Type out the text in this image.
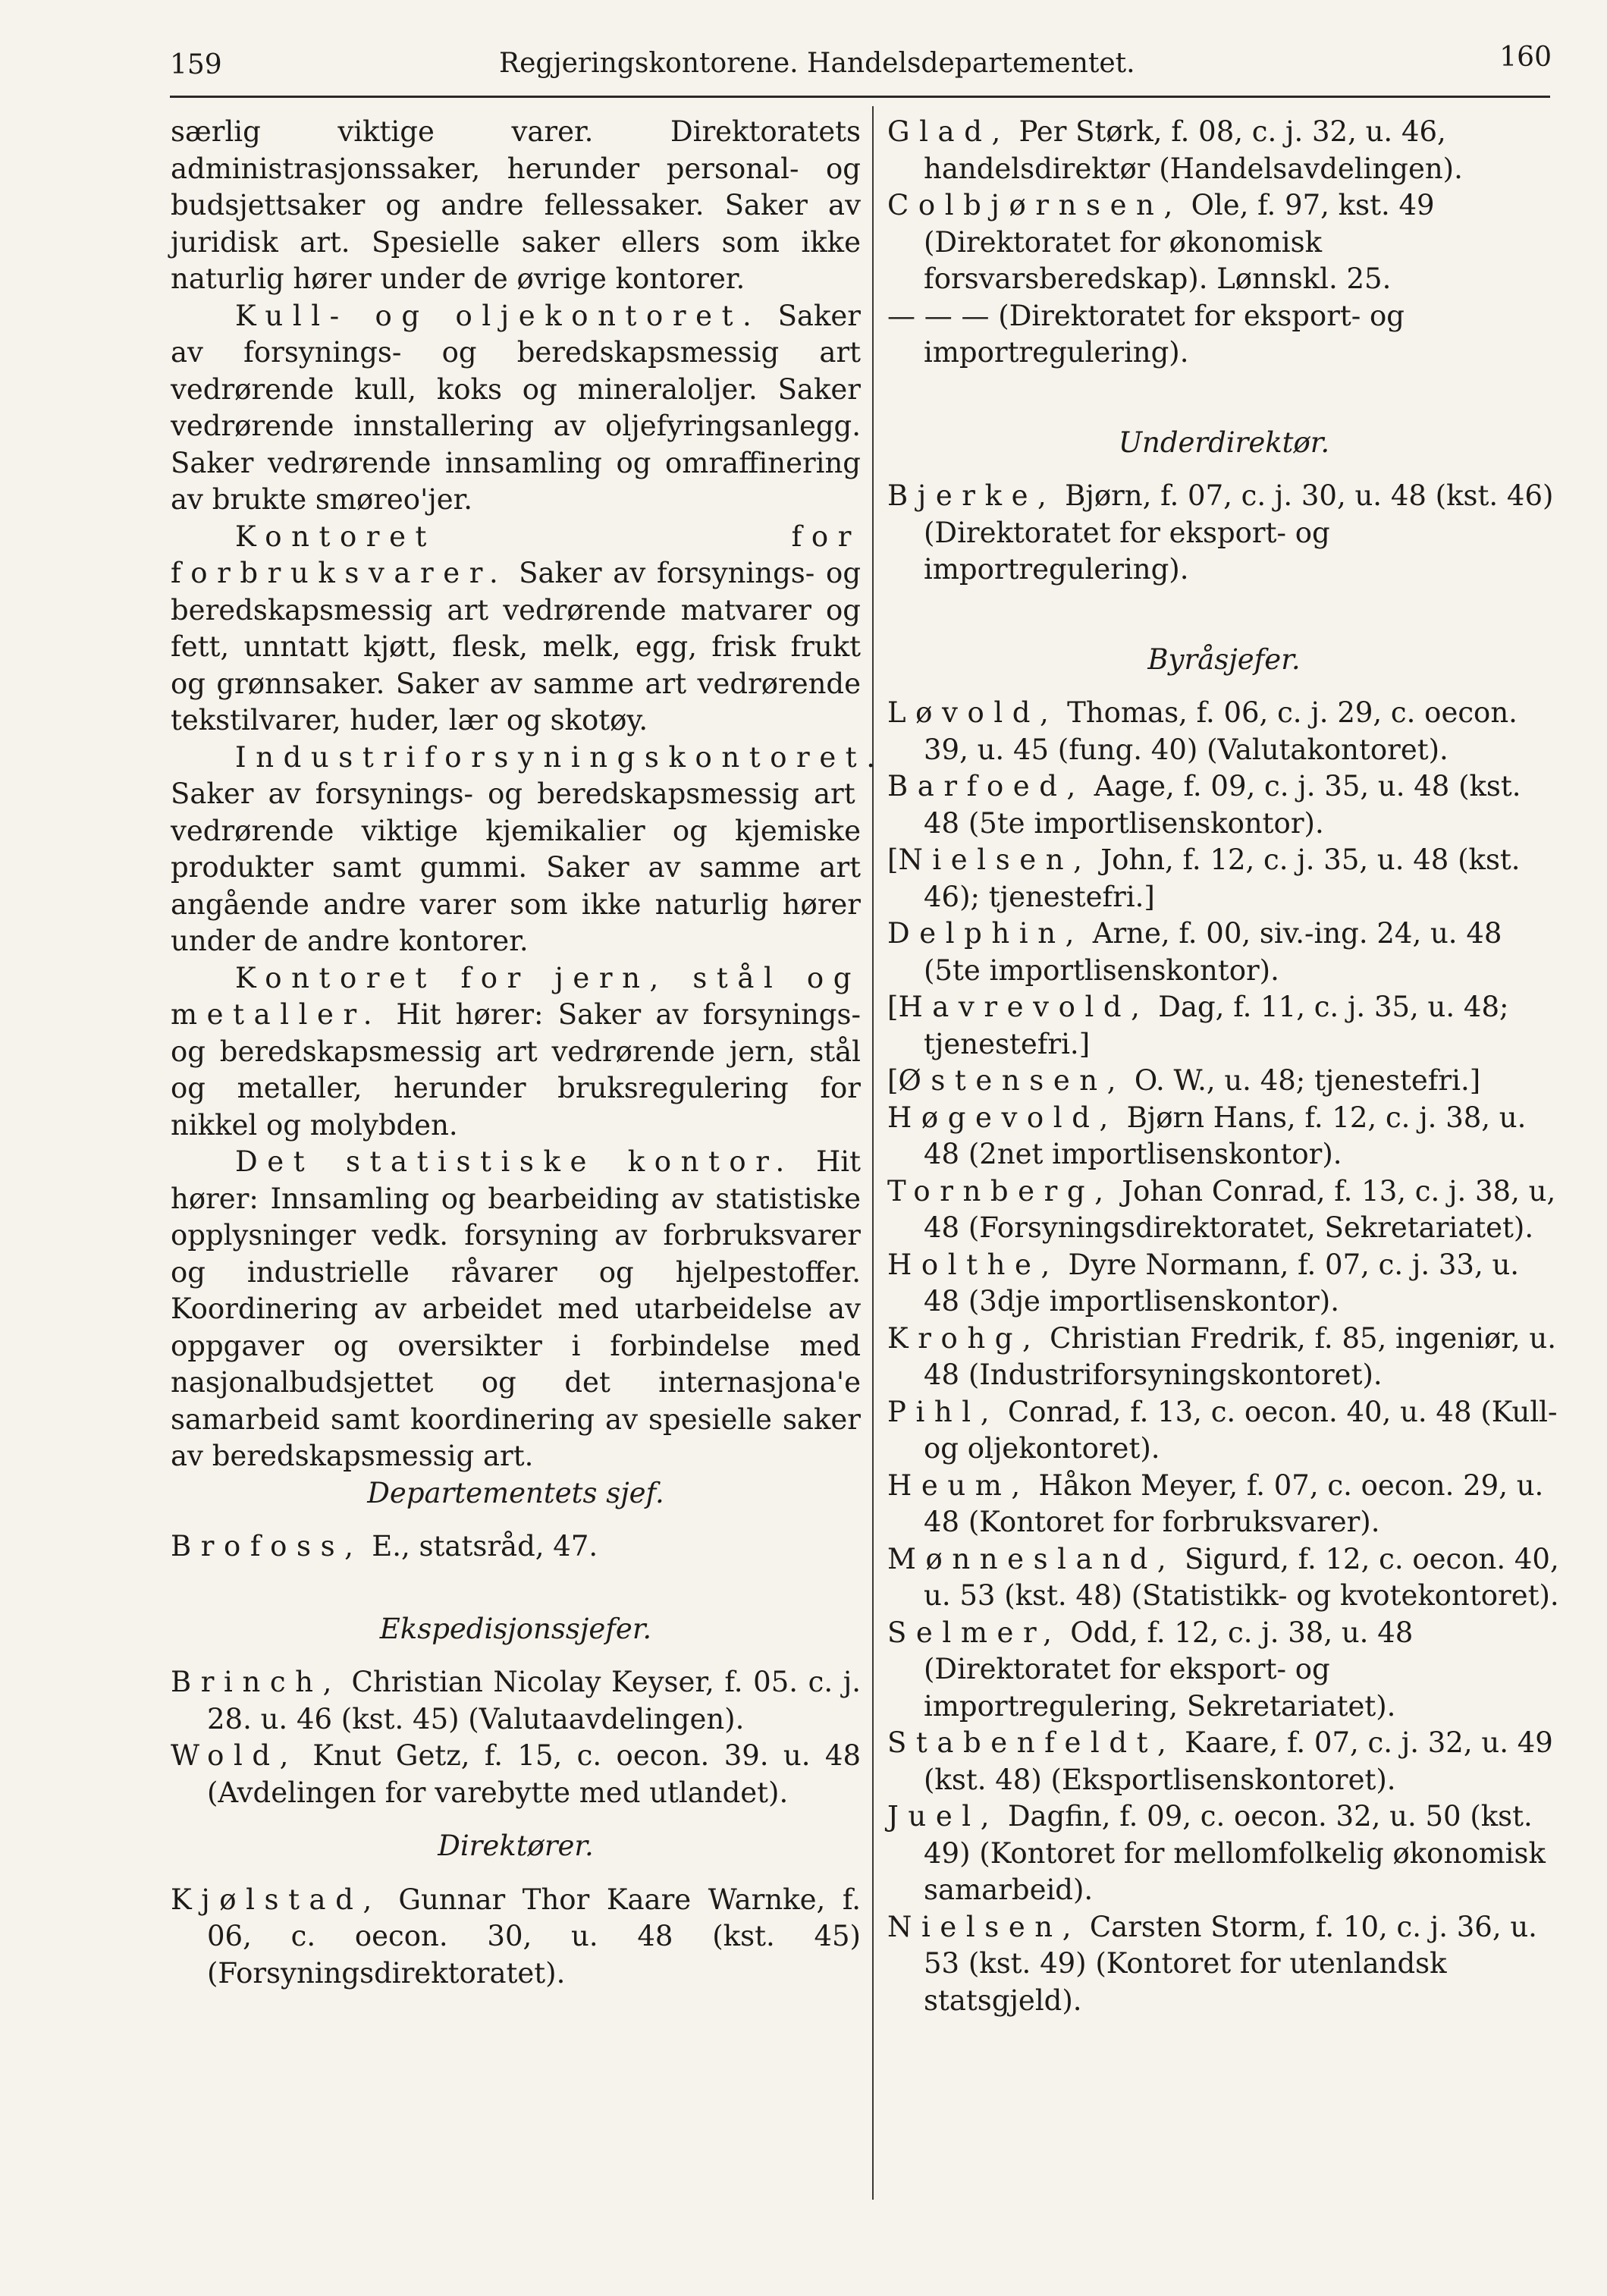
159	Regjeringskontorene. Handelsdepartementet.	160

særlig viktige varer. Direktoratets administrasjonssaker, herunder personal- og budsjettsaker og andre fellessaker. Saker av juridisk art. Spesielle saker ellers som ikke naturlig hører under de øvrige kontorer.

Kull- og oljekontoret. Saker av forsynings- og beredskapsmessig art vedrørende kull, koks og mineraloljer. Saker vedrørende innstallering av oljefyringsanlegg. Saker vedrørende innsamling og omraffinering av brukte smøreo'jer.

Kontoret for forbruksvarer. Saker av forsynings- og beredskapsmessig art vedrørende matvarer og fett, unntatt kjøtt, flesk, melk, egg, frisk frukt og grønnsaker. Saker av samme art vedrørende tekstilvarer, huder, lær og skotøy.

Industriforsyningskontoret. Saker av forsynings- og beredskapsmessig art vedrørende viktige kjemikalier og kjemiske produkter samt gummi. Saker av samme art angående andre varer som ikke naturlig hører under de andre kontorer.

Kontoret for jern, stål og metaller. Hit hører: Saker av forsynings- og beredskapsmessig art vedrørende jern, stål og metaller, herunder bruksregulering for nikkel og molybden.

Det statistiske kontor. Hit hører: Innsamling og bearbeiding av statistiske opplysninger vedk. forsyning av forbruksvarer og industrielle råvarer og hjelpestoffer. Koordinering av arbeidet med utarbeidelse av oppgaver og oversikter i forbindelse med nasjonalbudsjettet og det internasjona'e samarbeid samt koordinering av spesielle saker av beredskapsmessig art.

Departementets sjef.

Brofoss, E., statsråd, 47.

Ekspedisjonssjefer.

Brinch, Christian Nicolay Keyser, f. 05. c. j. 28. u. 46 (kst. 45) (Valutaavdelingen).

Wold, Knut Getz, f. 15, c. oecon. 39. u. 48 (Avdelingen for varebytte med utlandet).

Direktører.

Kjølstad, Gunnar Thor Kaare Warnke, f. 06, c. oecon. 30, u. 48 (kst. 45) (Forsyningsdirektoratet).

Glad, Per Størk, f. 08, c. j. 32, u. 46, handelsdirektør (Handelsavdelingen).

Colbjørnsen, Ole, f. 97, kst. 49 (Direktoratet for økonomisk forsvarsberedskap). Lønnskl. 25.

— — — (Direktoratet for eksport- og importregulering).

Underdirektør.

Bjerke, Bjørn, f. 07, c. j. 30, u. 48 (kst. 46) (Direktoratet for eksport- og importregulering).

Byråsjefer.

Løvold, Thomas, f. 06, c. j. 29, c. oecon. 39, u. 45 (fung. 40) (Valutakontoret).

Barfoed, Aage, f. 09, c. j. 35, u. 48 (kst. 48 (5te importlisenskontor).

[Nielsen, John, f. 12, c. j. 35, u. 48 (kst. 46); tjenestefri.]

Delphin, Arne, f. 00, siv.-ing. 24, u. 48 (5te importlisenskontor).

[Havrevold, Dag, f. 11, c. j. 35, u. 48; tjenestefri.]

[Østensen, O. W., u. 48; tjenestefri.]

Høgevold, Bjørn Hans, f. 12, c. j. 38, u. 48 (2net importlisenskontor).

Tornberg, Johan Conrad, f. 13, c. j. 38, u, 48 (Forsyningsdirektoratet, Sekretariatet).

Holthe, Dyre Normann, f. 07, c. j. 33, u. 48 (3dje importlisenskontor).

Krohg, Christian Fredrik, f. 85, ingeniør, u. 48 (Industriforsyningskontoret).

Pihl, Conrad, f. 13, c. oecon. 40, u. 48 (Kull- og oljekontoret).

Heum, Håkon Meyer, f. 07, c. oecon. 29, u. 48 (Kontoret for forbruksvarer).

Mønnesland, Sigurd, f. 12, c. oecon. 40, u. 53 (kst. 48) (Statistikk- og kvotekontoret).

Selmer, Odd, f. 12, c. j. 38, u. 48 (Direktoratet for eksport- og importregulering, Sekretariatet).

Stabenfeldt, Kaare, f. 07, c. j. 32, u. 49 (kst. 48) (Eksportlisenskontoret).

Juel, Dagfin, f. 09, c. oecon. 32, u. 50 (kst. 49) (Kontoret for mellomfolkelig økonomisk samarbeid).

Nielsen, Carsten Storm, f. 10, c. j. 36, u. 53 (kst. 49) (Kontoret for utenlandsk statsgjeld).
